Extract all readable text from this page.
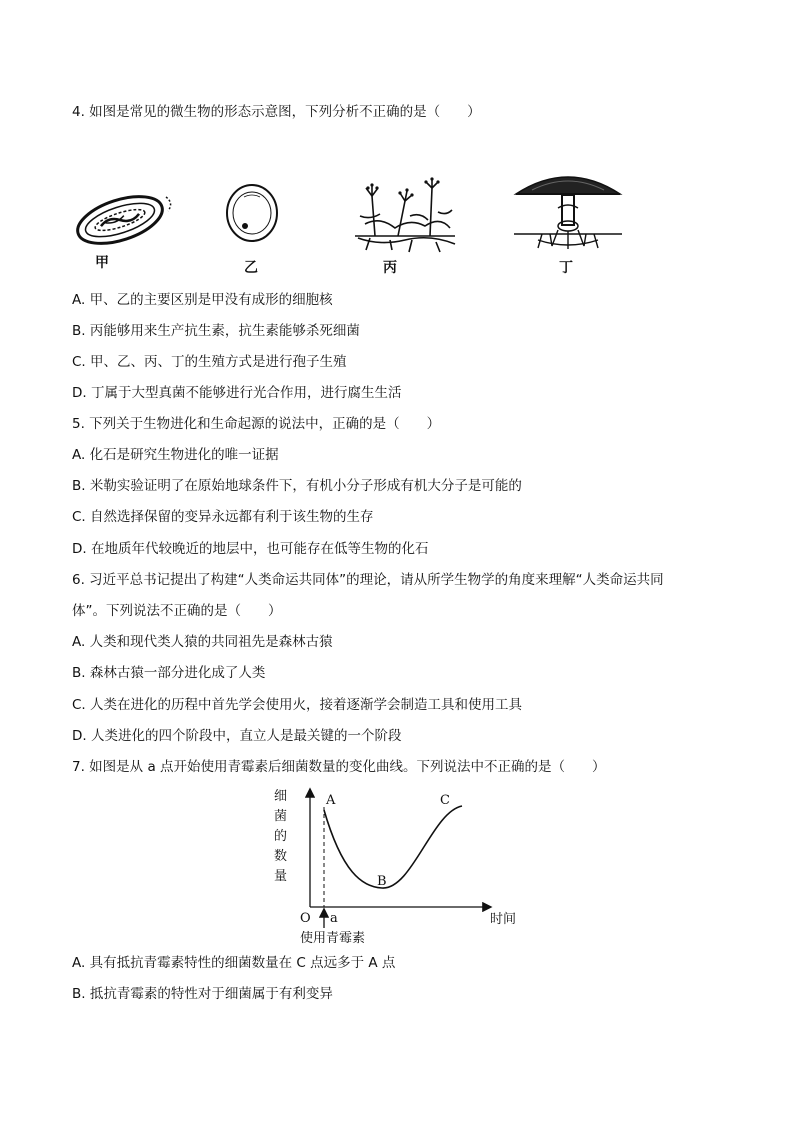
4. 如图是常见的微生物的形态示意图，下列分析不正确的是（　　）
甲	乙	丙	丁
A. 甲、乙的主要区别是甲没有成形的细胞核
B. 丙能够用来生产抗生素，抗生素能够杀死细菌
C. 甲、乙、丙、丁的生殖方式是进行孢子生殖
D. 丁属于大型真菌不能够进行光合作用，进行腐生生活
5. 下列关于生物进化和生命起源的说法中，正确的是（　　）
A. 化石是研究生物进化的唯一证据
B. 米勒实验证明了在原始地球条件下，有机小分子形成有机大分子是可能的
C. 自然选择保留的变异永远都有利于该生物的生存
D. 在地质年代较晚近的地层中，也可能存在低等生物的化石
6. 习近平总书记提出了构建“人类命运共同体”的理论，请从所学生物学的角度来理解“人类命运共同
体”。下列说法不正确的是（　　）
A. 人类和现代类人猿的共同祖先是森林古猿
B. 森林古猿一部分进化成了人类
C. 人类在进化的历程中首先学会使用火，接着逐渐学会制造工具和使用工具
D. 人类进化的四个阶段中，直立人是最关键的一个阶段
7. 如图是从 a 点开始使用青霉素后细菌数量的变化曲线。下列说法中不正确的是（　　）
细
菌
的
数
量
A
B
C
O a	时间
使用青霉素
A. 具有抵抗青霉素特性的细菌数量在 C 点远多于 A 点
B. 抵抗青霉素的特性对于细菌属于有利变异
